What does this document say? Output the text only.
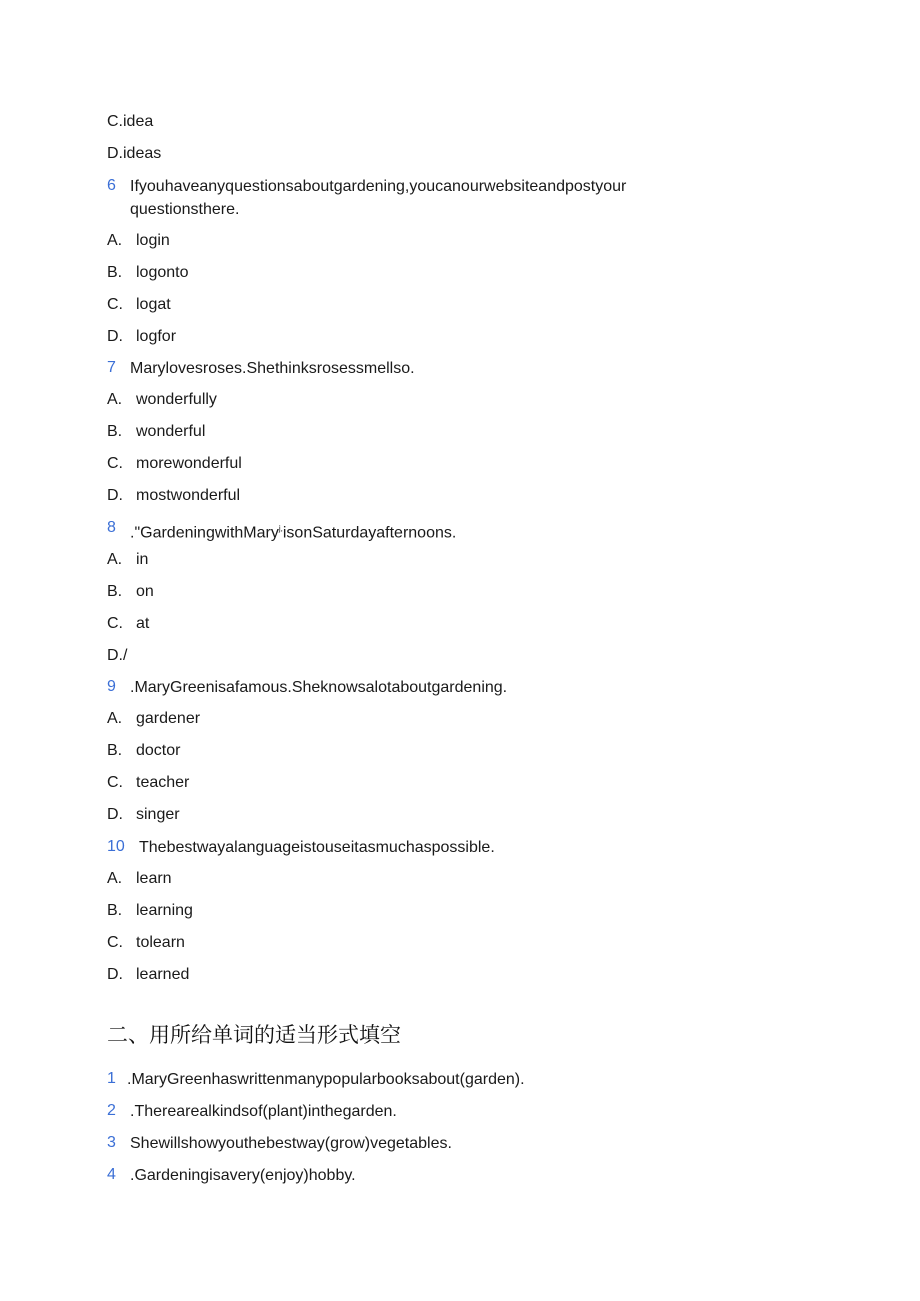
C.idea
D.ideas
6 Ifyouhaveanyquestionsaboutgardening,youcanourwebsiteandpostyour
questionsthere.
A. login
B. logonto
C. logat
D. logfor
7 Marylovesroses.Shethinksrosessmellso.
A. wonderfully
B. wonderful
C. morewonderful
D. mostwonderful
8 ."GardeningwithMary$^{j,}$isonSaturdayafternoons.
A. in
B. on
C. at
D./
9 .MaryGreenisafamous.Sheknowsalotaboutgardening.
A. gardener
B. doctor
C. teacher
D. singer
10 Thebestwayalanguageistouseitasmuchaspossible.
A. learn
B. learning
C. tolearn
D. learned
二、用所给单词的适当形式填空
1 .MaryGreenhaswrittenmanypopularbooksabout(garden).
2 .Therearealkindsof(plant)inthegarden.
3 Shewillshowyouthebestway(grow)vegetables.
4 .Gardeningisavery(enjoy)hobby.
